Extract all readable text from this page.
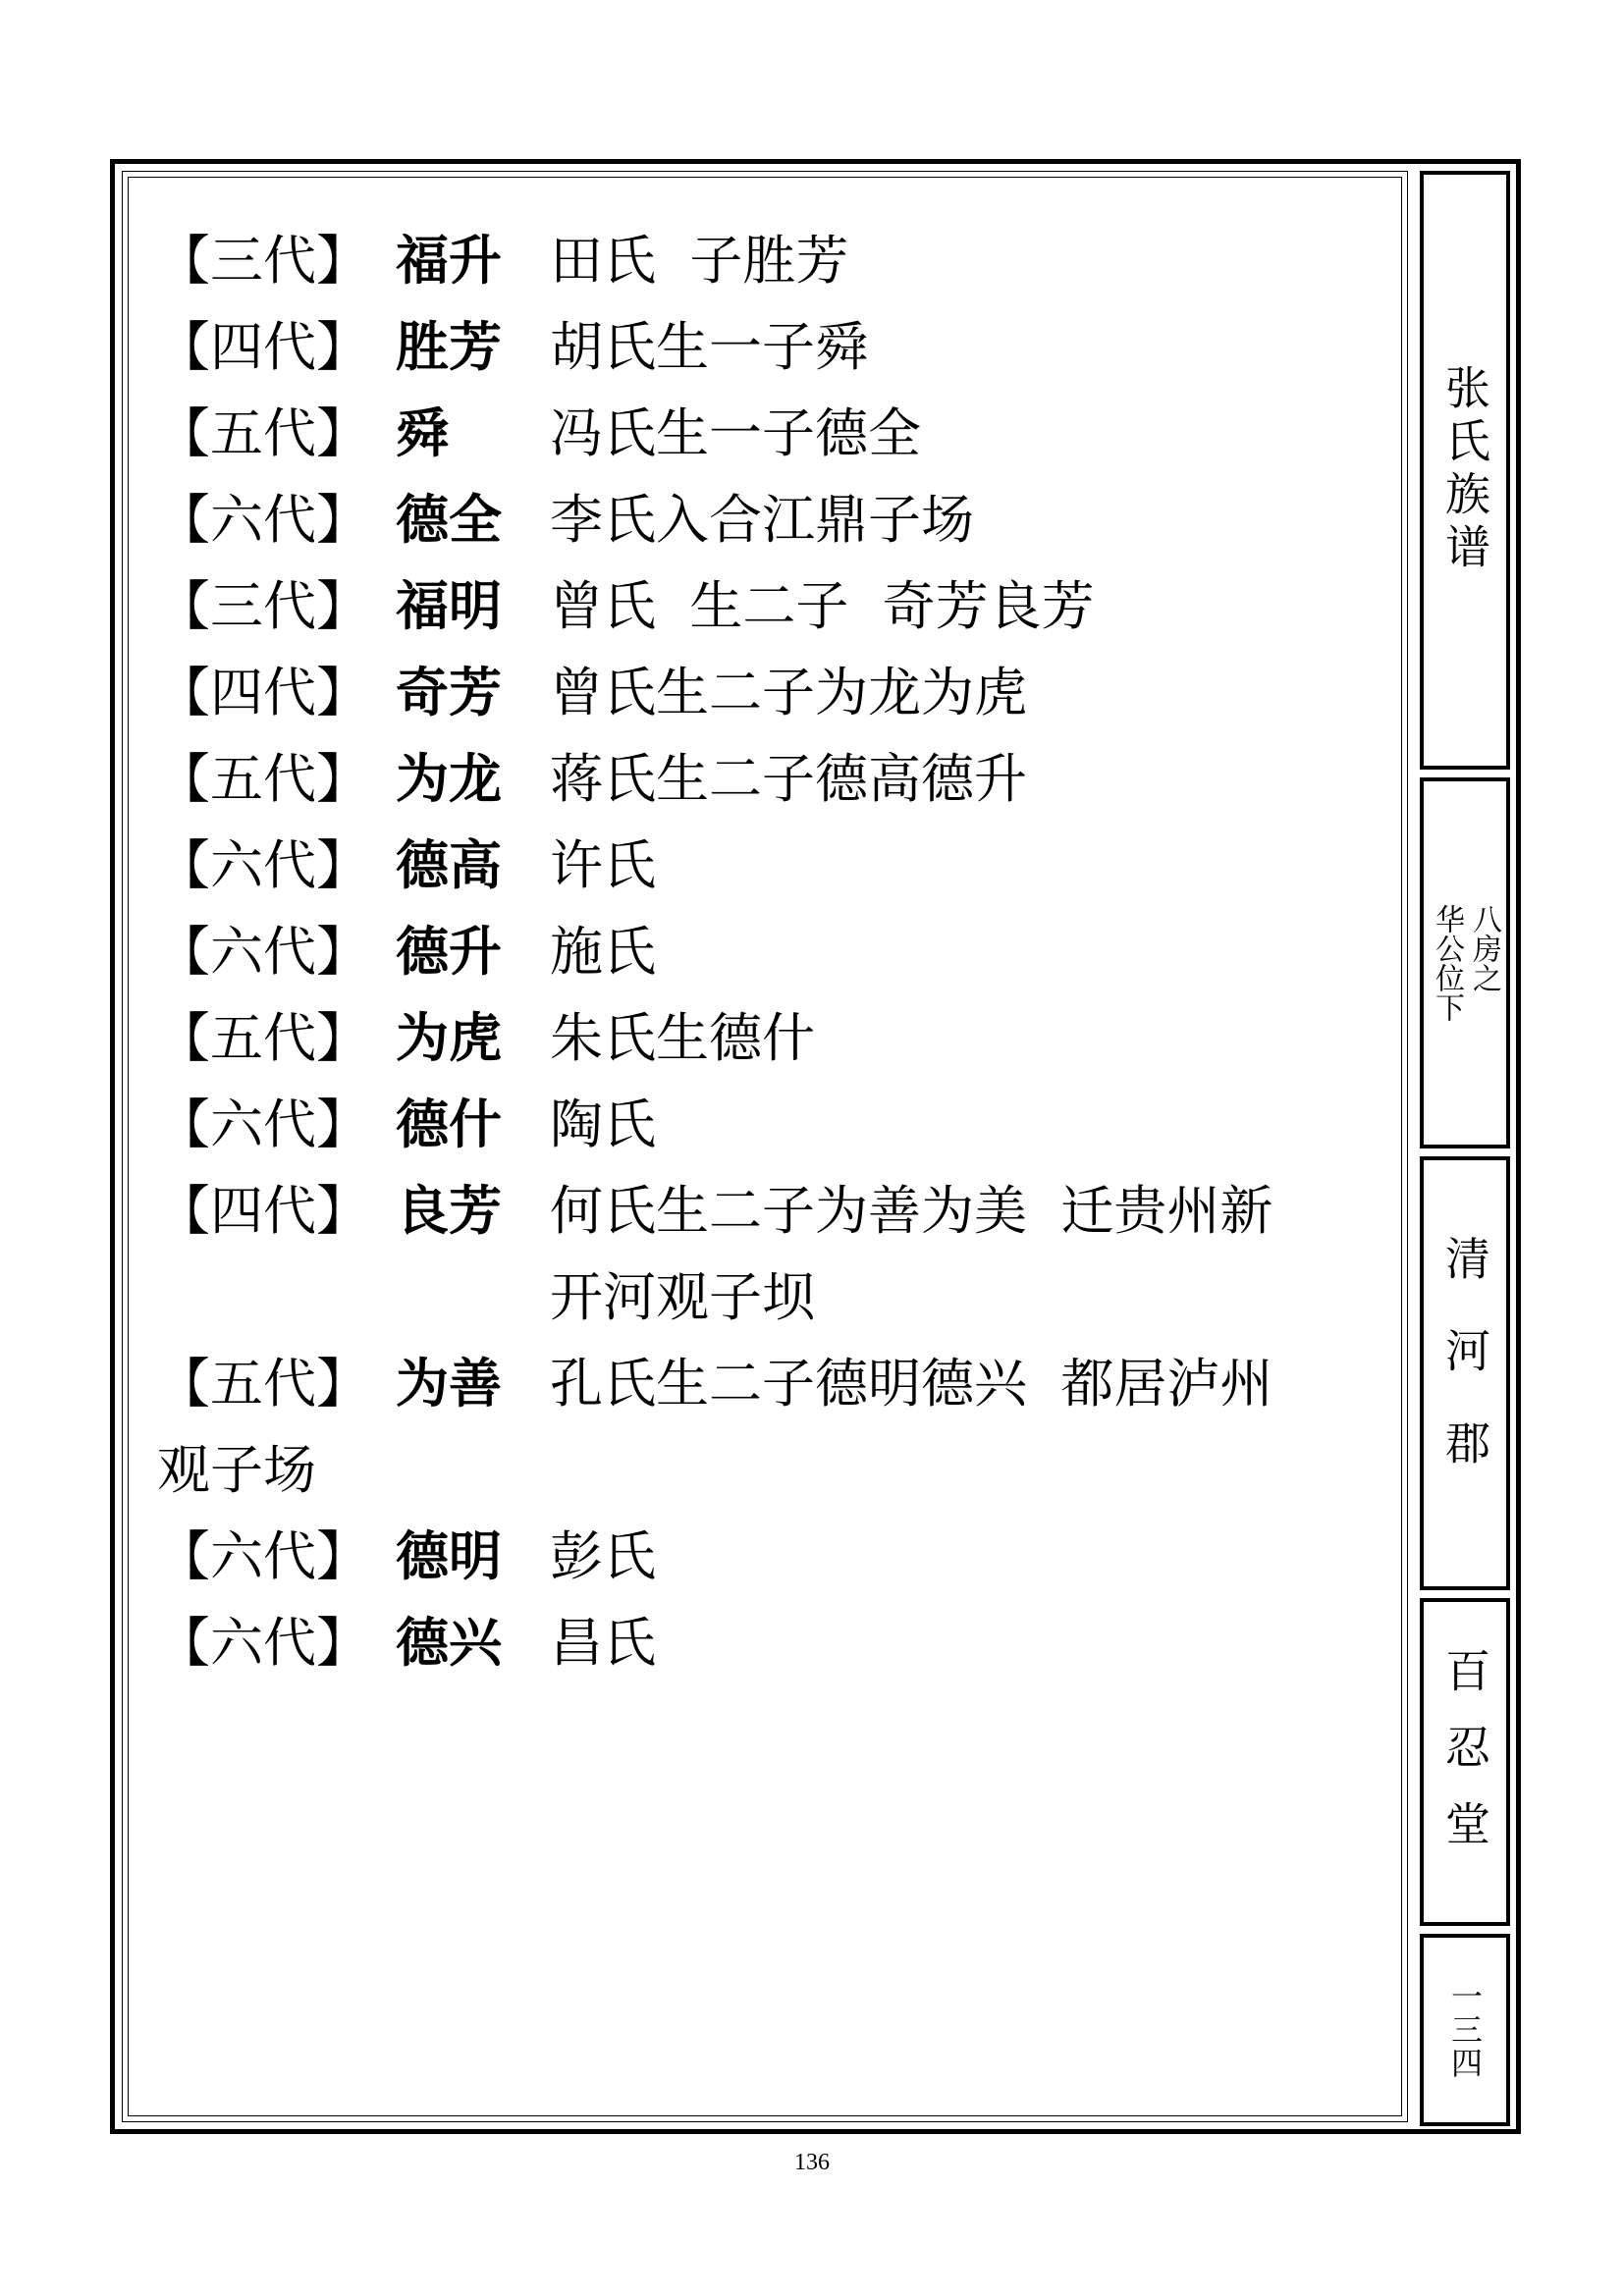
张氏族谱
八房之
华公位下
清河郡
百忍堂
一三四
【三代】 福升 田氏  子胜芳
【四代】 胜芳 胡氏生一子舜
【五代】 舜 冯氏生一子德全
【六代】 德全 李氏入合江鼎子场
【三代】 福明 曾氏  生二子  奇芳良芳
【四代】 奇芳 曾氏生二子为龙为虎
【五代】 为龙 蒋氏生二子德高德升
【六代】 德高 许氏
【六代】 德升 施氏
【五代】 为虎 朱氏生德什
【六代】 德什 陶氏
【四代】 良芳 何氏生二子为善为美  迁贵州新
开河观子坝
【五代】 为善 孔氏生二子德明德兴  都居泸州
观子场
【六代】 德明 彭氏
【六代】 德兴 昌氏
136
